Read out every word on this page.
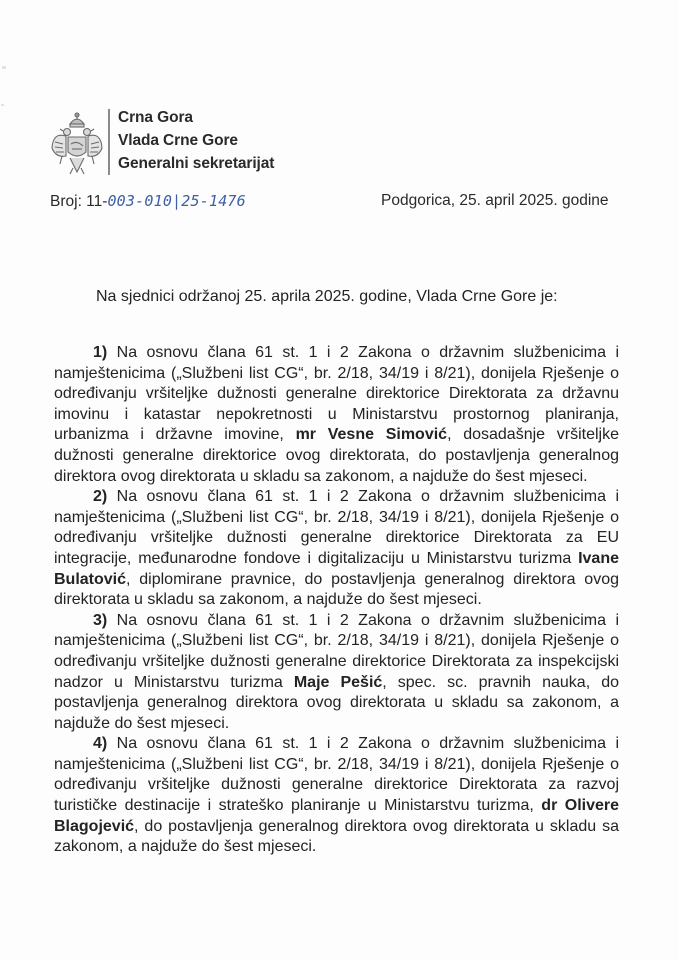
Crna Gora
Vlada Crne Gore
Generalni sekretarijat
Broj: 11-003-010|25-1476	Podgorica, 25. april 2025. godine
Na sjednici održanoj 25. aprila 2025. godine, Vlada Crne Gore je:

1) Na osnovu člana 61 st. 1 i 2 Zakona o državnim službenicima i namještenicima („Službeni list CG“, br. 2/18, 34/19 i 8/21), donijela Rješenje o određivanju vršiteljke dužnosti generalne direktorice Direktorata za državnu imovinu i katastar nepokretnosti u Ministarstvu prostornog planiranja, urbanizma i državne imovine, mr Vesne Simović, dosadašnje vršiteljke dužnosti generalne direktorice ovog direktorata, do postavljenja generalnog direktora ovog direktorata u skladu sa zakonom, a najduže do šest mjeseci.

2) Na osnovu člana 61 st. 1 i 2 Zakona o državnim službenicima i namještenicima („Službeni list CG“, br. 2/18, 34/19 i 8/21), donijela Rješenje o određivanju vršiteljke dužnosti generalne direktorice Direktorata za EU integracije, međunarodne fondove i digitalizaciju u Ministarstvu turizma Ivane Bulatović, diplomirane pravnice, do postavljenja generalnog direktora ovog direktorata u skladu sa zakonom, a najduže do šest mjeseci.

3) Na osnovu člana 61 st. 1 i 2 Zakona o državnim službenicima i namještenicima („Službeni list CG“, br. 2/18, 34/19 i 8/21), donijela Rješenje o određivanju vršiteljke dužnosti generalne direktorice Direktorata za inspekcijski nadzor u Ministarstvu turizma Maje Pešić, spec. sc. pravnih nauka, do postavljenja generalnog direktora ovog direktorata u skladu sa zakonom, a najduže do šest mjeseci.

4) Na osnovu člana 61 st. 1 i 2 Zakona o državnim službenicima i namještenicima („Službeni list CG“, br. 2/18, 34/19 i 8/21), donijela Rješenje o određivanju vršiteljke dužnosti generalne direktorice Direktorata za razvoj turističke destinacije i strateško planiranje u Ministarstvu turizma, dr Olivere Blagojević, do postavljenja generalnog direktora ovog direktorata u skladu sa zakonom, a najduže do šest mjeseci.
